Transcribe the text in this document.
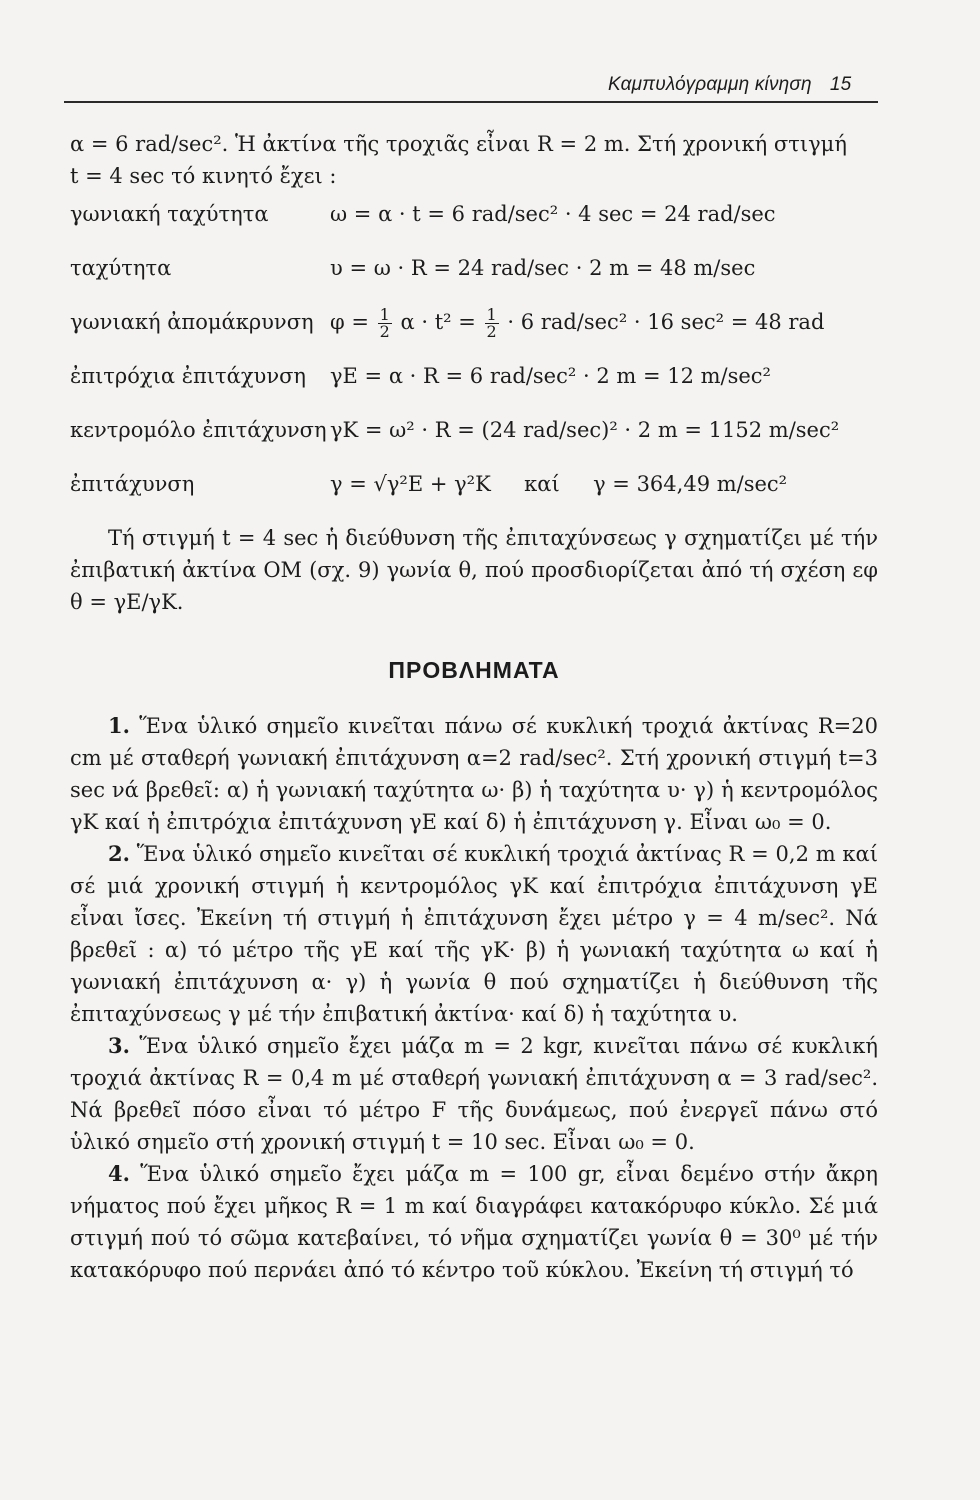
Καμπυλόγραμμη κίνηση 15

α = 6 rad/sec². Ἡ ἀκτίνα τῆς τροχιᾶς εἶναι R = 2 m. Στή χρονική στιγμή

t = 4 sec τό κινητό ἔχει :

γωνιακή ταχύτητα	ω = α · t = 6 rad/sec² · 4 sec = 24 rad/sec
ταχύτητα	υ = ω · R = 24 rad/sec · 2 m = 48 m/sec
γωνιακή ἀπομάκρυνση $\varphi = \frac{1}{2}$ $\alpha \cdot t^2 = \frac{1}{2} \cdot 6$ rad/sec² · 16 sec² = 48 rad
ἐπιτρόχια ἐπιτάχυνση	γΕ = α · R = 6 rad/sec² · 2 m = 12 m/sec²
κεντρομόλο ἐπιτάχυνση γΚ = ω² · R = (24 rad/sec)² · 2 m = 1152 m/sec²
ἐπιτάχυνση	γ = √γ²Ε + γ²Κ     καί     γ = 364,49 m/sec²

Τή στιγμή t = 4 sec ἡ διεύθυνση τῆς ἐπιταχύνσεως γ σχηματίζει μέ τήν ἐπιβατική ἀκτίνα ΟΜ (σχ. 9) γωνία θ, πού προσδιορίζεται ἀπό τή σχέση εφ θ = γΕ/γΚ.

ΠΡΟΒΛΗΜΑΤΑ

1. Ἕνα ὑλικό σημεῖο κινεῖται πάνω σέ κυκλική τροχιά ἀκτίνας R=20 cm μέ σταθερή γωνιακή ἐπιτάχυνση α=2 rad/sec². Στή χρονική στιγμή t=3 sec νά βρεθεῖ: α) ἡ γωνιακή ταχύτητα ω· β) ἡ ταχύτητα υ· γ) ἡ κεντρομόλος γΚ καί ἡ ἐπιτρόχια ἐπιτάχυνση γΕ καί δ) ἡ ἐπιτάχυνση γ. Εἶναι ω₀ = 0.

2. Ἕνα ὑλικό σημεῖο κινεῖται σέ κυκλική τροχιά ἀκτίνας R = 0,2 m καί σέ μιά χρονική στιγμή ἡ κεντρομόλος γΚ καί ἐπιτρόχια ἐπιτάχυνση γΕ εἶναι ἴσες. Ἐκείνη τή στιγμή ἡ ἐπιτάχυνση ἔχει μέτρο γ = 4 m/sec². Νά βρεθεῖ : α) τό μέτρο τῆς γΕ καί τῆς γΚ· β) ἡ γωνιακή ταχύτητα ω καί ἡ γωνιακή ἐπιτάχυνση α· γ) ἡ γωνία θ πού σχηματίζει ἡ διεύθυνση τῆς ἐπιταχύνσεως γ μέ τήν ἐπιβατική ἀκτίνα· καί δ) ἡ ταχύτητα υ.

3. Ἕνα ὑλικό σημεῖο ἔχει μάζα m = 2 kgr, κινεῖται πάνω σέ κυκλική τροχιά ἀκτίνας R = 0,4 m μέ σταθερή γωνιακή ἐπιτάχυνση α = 3 rad/sec². Νά βρεθεῖ πόσο εἶναι τό μέτρο F τῆς δυνάμεως, πού ἐνεργεῖ πάνω στό ὑλικό σημεῖο στή χρονική στιγμή t = 10 sec. Εἶναι ω₀ = 0.

4. Ἕνα ὑλικό σημεῖο ἔχει μάζα m = 100 gr, εἶναι δεμένο στήν ἄκρη νήματος πού ἔχει μῆκος R = 1 m καί διαγράφει κατακόρυφο κύκλο. Σέ μιά στιγμή πού τό σῶμα κατεβαίνει, τό νῆμα σχηματίζει γωνία θ = 30⁰ μέ τήν κατακόρυφο πού περνάει ἀπό τό κέντρο τοῦ κύκλου. Ἐκείνη τή στιγμή τό
